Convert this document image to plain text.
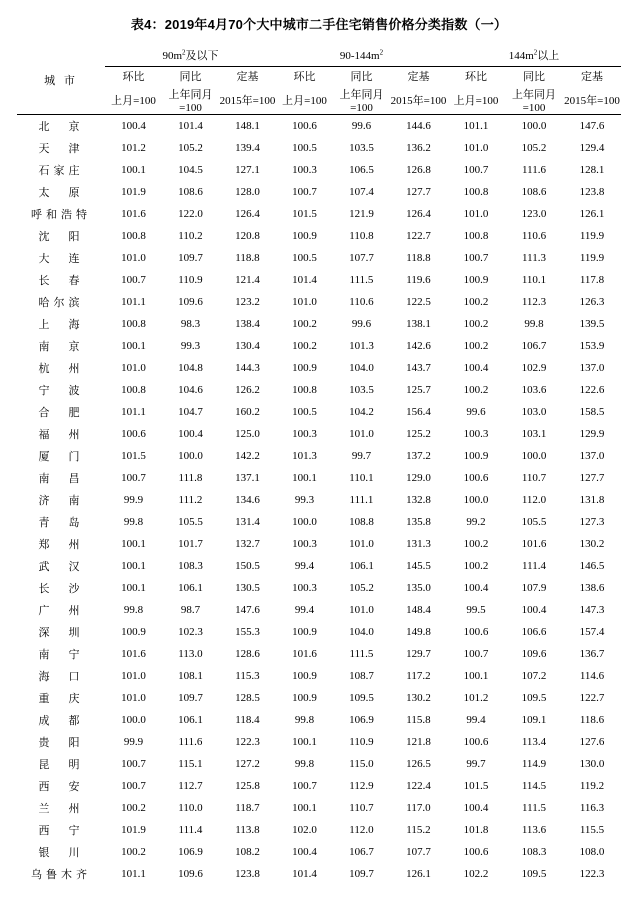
表4：2019年4月70个大中城市二手住宅销售价格分类指数（一）
城 市	$90m^2$及以下			$90-144m^2$			$144m^2$以上		
	环比	同比	定基	环比	同比	定基	环比	同比	定基
	上月=100	上年同月=100	2015年=100	上月=100	上年同月=100	2015年=100	上月=100	上年同月=100	2015年=100
北　京	100.4	101.4	148.1	100.6	99.6	144.6	101.1	100.0	147.6
天　津	101.2	105.2	139.4	100.5	103.5	136.2	101.0	105.2	129.4
石家庄	100.1	104.5	127.1	100.3	106.5	126.8	100.7	111.6	128.1
太　原	101.9	108.6	128.0	100.7	107.4	127.7	100.8	108.6	123.8
呼和浩特	101.6	122.0	126.4	101.5	121.9	126.4	101.0	123.0	126.1
沈　阳	100.8	110.2	120.8	100.9	110.8	122.7	100.8	110.6	119.9
大　连	101.0	109.7	118.8	100.5	107.7	118.8	100.7	111.3	119.9
长　春	100.7	110.9	121.4	101.4	111.5	119.6	100.9	110.1	117.8
哈尔滨	101.1	109.6	123.2	101.0	110.6	122.5	100.2	112.3	126.3
上　海	100.8	98.3	138.4	100.2	99.6	138.1	100.2	99.8	139.5
南　京	100.1	99.3	130.4	100.2	101.3	142.6	100.2	106.7	153.9
杭　州	101.0	104.8	144.3	100.9	104.0	143.7	100.4	102.9	137.0
宁　波	100.8	104.6	126.2	100.8	103.5	125.7	100.2	103.6	122.6
合　肥	101.1	104.7	160.2	100.5	104.2	156.4	99.6	103.0	158.5
福　州	100.6	100.4	125.0	100.3	101.0	125.2	100.3	103.1	129.9
厦　门	101.5	100.0	142.2	101.3	99.7	137.2	100.9	100.0	137.0
南　昌	100.7	111.8	137.1	100.1	110.1	129.0	100.6	110.7	127.7
济　南	99.9	111.2	134.6	99.3	111.1	132.8	100.0	112.0	131.8
青　岛	99.8	105.5	131.4	100.0	108.8	135.8	99.2	105.5	127.3
郑　州	100.1	101.7	132.7	100.3	101.0	131.3	100.2	101.6	130.2
武　汉	100.1	108.3	150.5	99.4	106.1	145.5	100.2	111.4	146.5
长　沙	100.1	106.1	130.5	100.3	105.2	135.0	100.4	107.9	138.6
广　州	99.8	98.7	147.6	99.4	101.0	148.4	99.5	100.4	147.3
深　圳	100.9	102.3	155.3	100.9	104.0	149.8	100.6	106.6	157.4
南　宁	101.6	113.0	128.6	101.6	111.5	129.7	100.7	109.6	136.7
海　口	101.0	108.1	115.3	100.9	108.7	117.2	100.1	107.2	114.6
重　庆	101.0	109.7	128.5	100.9	109.5	130.2	101.2	109.5	122.7
成　都	100.0	106.1	118.4	99.8	106.9	115.8	99.4	109.1	118.6
贵　阳	99.9	111.6	122.3	100.1	110.9	121.8	100.6	113.4	127.6
昆　明	100.7	115.1	127.2	99.8	115.0	126.5	99.7	114.9	130.0
西　安	100.7	112.7	125.8	100.7	112.9	122.4	101.5	114.5	119.2
兰　州	100.2	110.0	118.7	100.1	110.7	117.0	100.4	111.5	116.3
西　宁	101.9	111.4	113.8	102.0	112.0	115.2	101.8	113.6	115.5
银　川	100.2	106.9	108.2	100.4	106.7	107.7	100.6	108.3	108.0
乌鲁木齐	101.1	109.6	123.8	101.4	109.7	126.1	102.2	109.5	122.3
